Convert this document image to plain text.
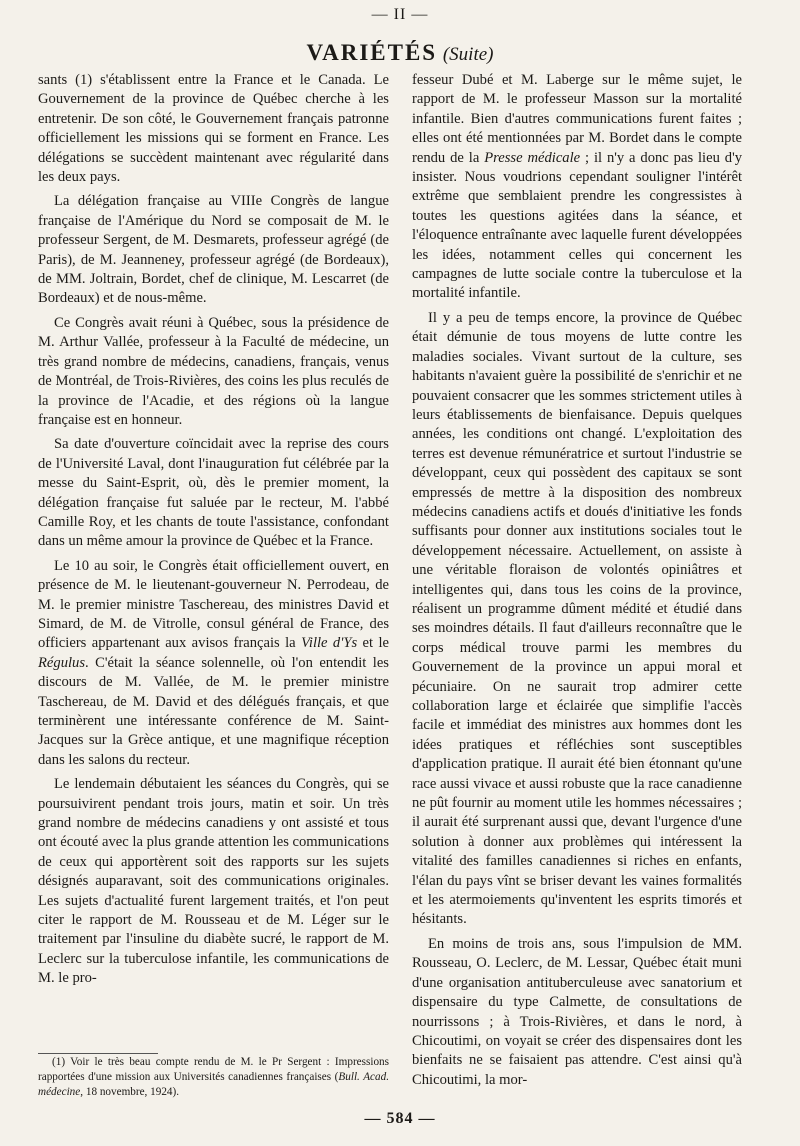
— II —
VARIÉTÉS (Suite)

sants (1) s'établissent entre la France et le Canada. Le Gouvernement de la province de Québec cherche à les entretenir. De son côté, le Gouvernement français patronne officiellement les missions qui se forment en France. Les délégations se succèdent maintenant avec régularité dans les deux pays.

La délégation française au VIIIe Congrès de langue française de l'Amérique du Nord se composait de M. le professeur Sergent, de M. Desmarets, professeur agrégé (de Paris), de M. Jeanneney, professeur agrégé (de Bordeaux), de MM. Joltrain, Bordet, chef de clinique, M. Lescarret (de Bordeaux) et de nous-même.

Ce Congrès avait réuni à Québec, sous la présidence de M. Arthur Vallée, professeur à la Faculté de médecine, un très grand nombre de médecins, canadiens, français, venus de Montréal, de Trois-Rivières, des coins les plus reculés de la province de l'Acadie, et des régions où la langue française est en honneur.

Sa date d'ouverture coïncidait avec la reprise des cours de l'Université Laval, dont l'inauguration fut célébrée par la messe du Saint-Esprit, où, dès le premier moment, la délégation française fut saluée par le recteur, M. l'abbé Camille Roy, et les chants de toute l'assistance, confondant dans un même amour la province de Québec et la France.

Le 10 au soir, le Congrès était officiellement ouvert, en présence de M. le lieutenant-gouverneur N. Perrodeau, de M. le premier ministre Taschereau, des ministres David et Simard, de M. de Vitrolle, consul général de France, des officiers appartenant aux avisos français la Ville d'Ys et le Régulus. C'était la séance solennelle, où l'on entendit les discours de M. Vallée, de M. le premier ministre Taschereau, de M. David et des délégués français, et que terminèrent une intéressante conférence de M. Saint-Jacques sur la Grèce antique, et une magnifique réception dans les salons du recteur.

Le lendemain débutaient les séances du Congrès, qui se poursuivirent pendant trois jours, matin et soir. Un très grand nombre de médecins canadiens y ont assisté et tous ont écouté avec la plus grande attention les communications de ceux qui apportèrent soit des rapports sur les sujets désignés auparavant, soit des communications originales. Les sujets d'actualité furent largement traités, et l'on peut citer le rapport de M. Rousseau et de M. Léger sur le traitement par l'insuline du diabète sucré, le rapport de M. Leclerc sur la tuberculose infantile, les communications de M. le pro-

fesseur Dubé et M. Laberge sur le même sujet, le rapport de M. le professeur Masson sur la mortalité infantile. Bien d'autres communications furent faites ; elles ont été mentionnées par M. Bordet dans le compte rendu de la Presse médicale ; il n'y a donc pas lieu d'y insister. Nous voudrions cependant souligner l'intérêt extrême que semblaient prendre les congressistes à toutes les questions agitées dans la séance, et l'éloquence entraînante avec laquelle furent développées les idées, notamment celles qui concernent les campagnes de lutte sociale contre la tuberculose et la mortalité infantile.

Il y a peu de temps encore, la province de Québec était démunie de tous moyens de lutte contre les maladies sociales. Vivant surtout de la culture, ses habitants n'avaient guère la possibilité de s'enrichir et ne pouvaient consacrer que les sommes strictement utiles à leurs établissements de bienfaisance. Depuis quelques années, les conditions ont changé. L'exploitation des terres est devenue rémunératrice et surtout l'industrie se développant, ceux qui possèdent des capitaux se sont empressés de mettre à la disposition des nombreux médecins canadiens actifs et doués d'initiative les fonds suffisants pour donner aux institutions sociales tout le développement nécessaire. Actuellement, on assiste à une véritable floraison de volontés opiniâtres et intelligentes qui, dans tous les coins de la province, réalisent un programme dûment médité et étudié dans ses moindres détails. Il faut d'ailleurs reconnaître que le corps médical trouve parmi les membres du Gouvernement de la province un appui moral et pécuniaire. On ne saurait trop admirer cette collaboration large et éclairée que simplifie l'accès facile et immédiat des ministres aux hommes dont les idées pratiques et réfléchies sont susceptibles d'application pratique. Il aurait été bien étonnant qu'une race aussi vivace et aussi robuste que la race canadienne ne pût fournir au moment utile les hommes nécessaires ; il aurait été surprenant aussi que, devant l'urgence d'une solution à donner aux problèmes qui intéressent la vitalité des familles canadiennes si riches en enfants, l'élan du pays vînt se briser devant les vaines formalités et les atermoiements qu'inventent les esprits timorés et hésitants.

En moins de trois ans, sous l'impulsion de MM. Rousseau, O. Leclerc, de M. Lessar, Québec était muni d'une organisation antituberculeuse avec sanatorium et dispensaire du type Calmette, de consultations de nourrissons ; à Trois-Rivières, et dans le nord, à Chicoutimi, on voyait se créer des dispensaires dont les bienfaits ne se faisaient pas attendre. C'est ainsi qu'à Chicoutimi, la mor-

(1) Voir le très beau compte rendu de M. le Pr Sergent : Impressions rapportées d'une mission aux Universités canadiennes françaises (Bull. Acad. médecine, 18 novembre, 1924).

— 584 —
